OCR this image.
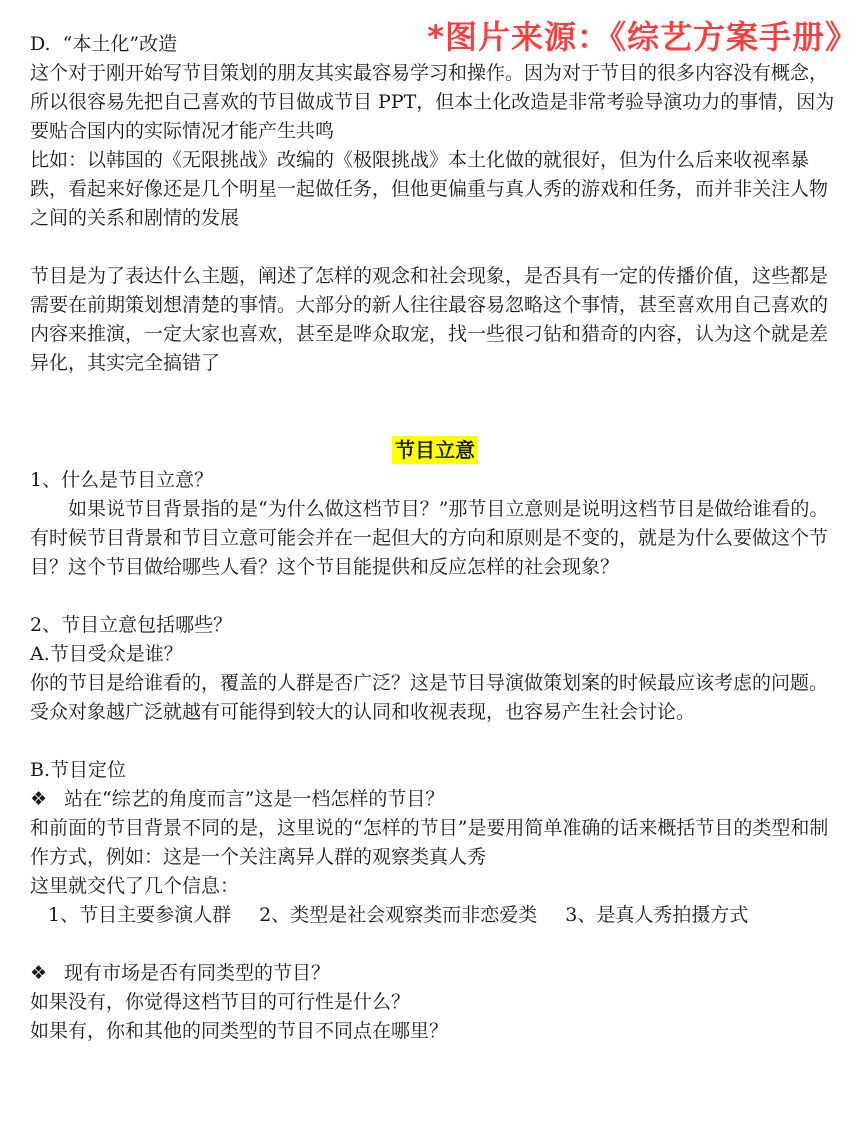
*图片来源：《综艺方案手册》

D.  “本土化”改造

这个对于刚开始写节目策划的朋友其实最容易学习和操作。因为对于节目的很多内容没有概念，所以很容易先把自己喜欢的节目做成节目 PPT，但本土化改造是非常考验导演功力的事情，因为要贴合国内的实际情况才能产生共鸣

比如：以韩国的《无限挑战》改编的《极限挑战》本土化做的就很好，但为什么后来收视率暴跌，看起来好像还是几个明星一起做任务，但他更偏重与真人秀的游戏和任务，而并非关注人物之间的关系和剧情的发展

节目是为了表达什么主题，阐述了怎样的观念和社会现象，是否具有一定的传播价值，这些都是需要在前期策划想清楚的事情。大部分的新人往往最容易忽略这个事情，甚至喜欢用自己喜欢的内容来推演，一定大家也喜欢，甚至是哗众取宠，找一些很刁钻和猎奇的内容，认为这个就是差异化，其实完全搞错了

节目立意

1、什么是节目立意？

如果说节目背景指的是“为什么做这档节目？”那节目立意则是说明这档节目是做给谁看的。有时候节目背景和节目立意可能会并在一起但大的方向和原则是不变的，就是为什么要做这个节目？这个节目做给哪些人看？这个节目能提供和反应怎样的社会现象？

2、节目立意包括哪些？

A.节目受众是谁？

你的节目是给谁看的，覆盖的人群是否广泛？这是节目导演做策划案的时候最应该考虑的问题。受众对象越广泛就越有可能得到较大的认同和收视表现，也容易产生社会讨论。

B.节目定位

❖ 站在“综艺的角度而言”这是一档怎样的节目？

和前面的节目背景不同的是，这里说的“怎样的节目”是要用简单准确的话来概括节目的类型和制作方式，例如：这是一个关注离异人群的观察类真人秀

这里就交代了几个信息：

1、节目主要参演人群 2、类型是社会观察类而非恋爱类 3、是真人秀拍摄方式

❖ 现有市场是否有同类型的节目？

如果没有，你觉得这档节目的可行性是什么？

如果有，你和其他的同类型的节目不同点在哪里？
